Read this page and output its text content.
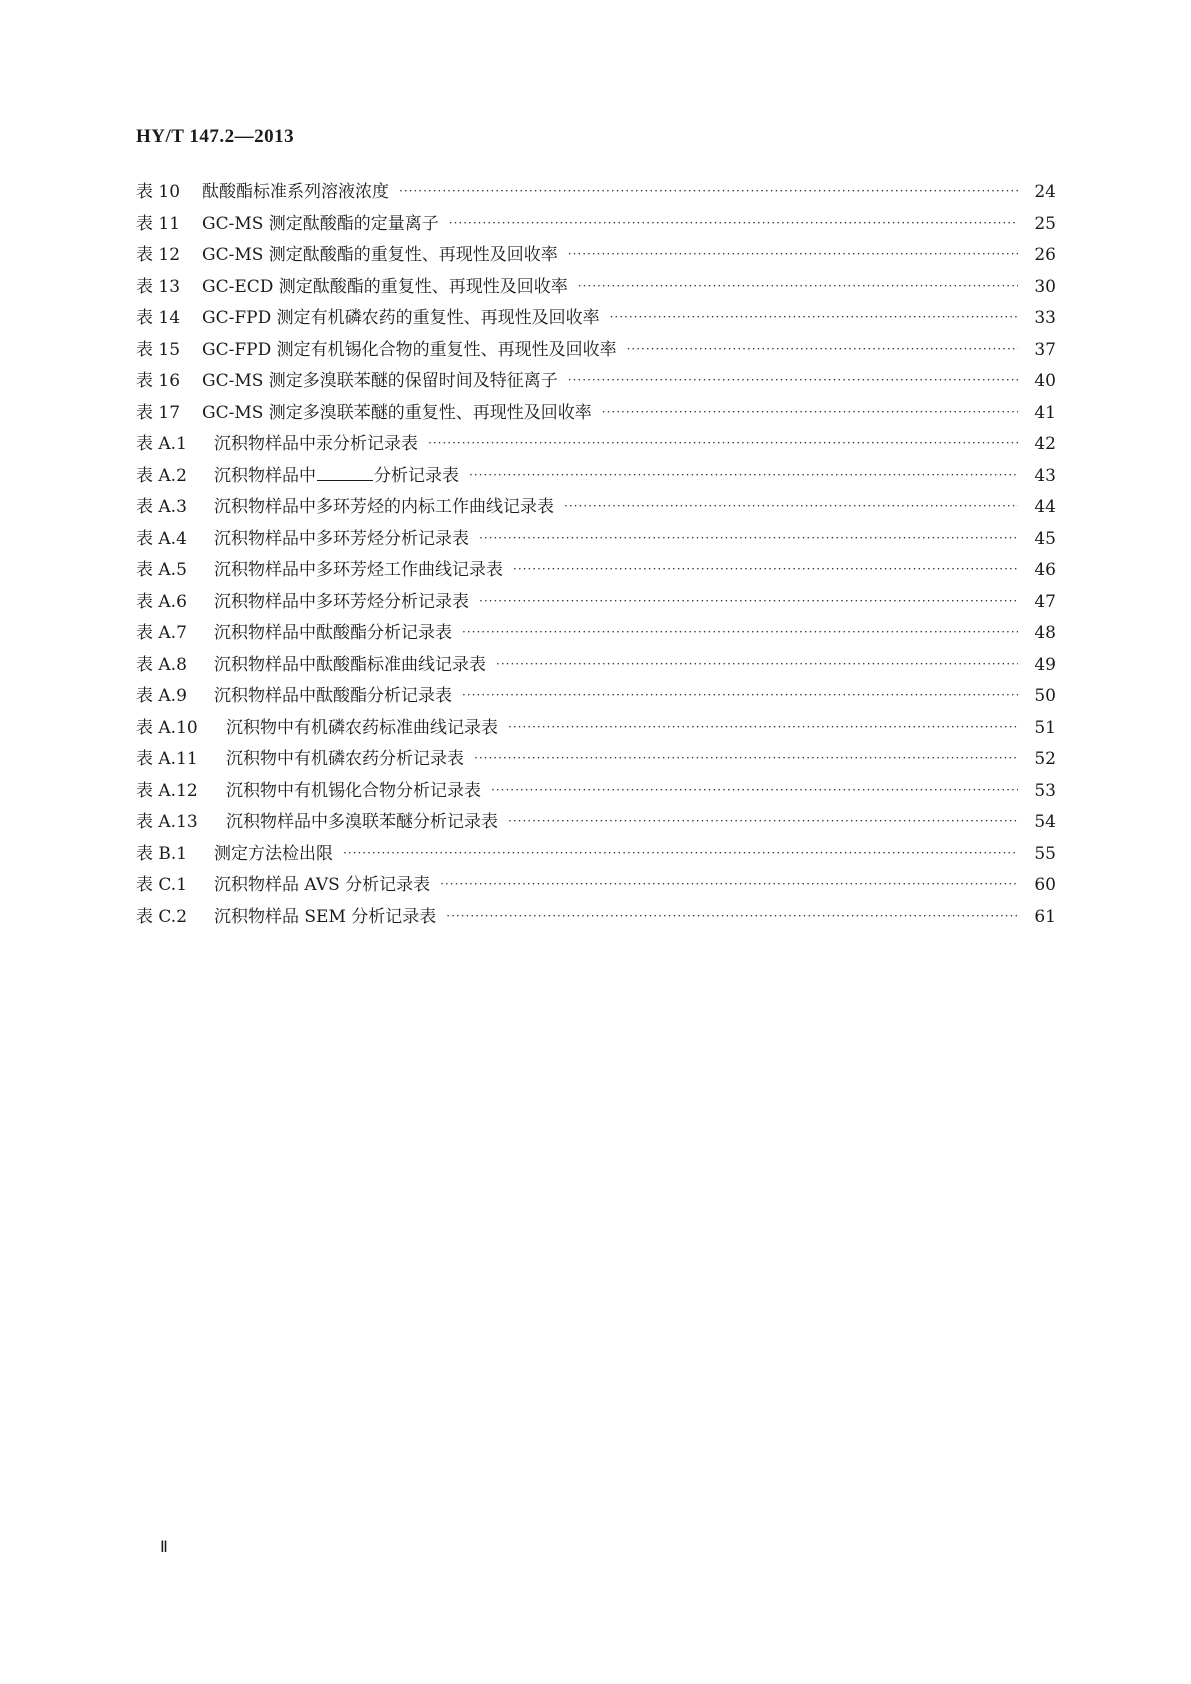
HY/T 147.2—2013
表 10	酞酸酯标准系列溶液浓度 ·····	24
表 11	GC-MS 测定酞酸酯的定量离子 ·····	25
表 12	GC-MS 测定酞酸酯的重复性、再现性及回收率 ·····	26
表 13	GC-ECD 测定酞酸酯的重复性、再现性及回收率 ·····	30
表 14	GC-FPD 测定有机磷农药的重复性、再现性及回收率 ·····	33
表 15	GC-FPD 测定有机锡化合物的重复性、再现性及回收率 ·····	37
表 16	GC-MS 测定多溴联苯醚的保留时间及特征离子 ·····	40
表 17	GC-MS 测定多溴联苯醚的重复性、再现性及回收率 ·····	41
表 A.1	沉积物样品中汞分析记录表 ·····	42
表 A.2	沉积物样品中	分析记录表 ·····	43
表 A.3	沉积物样品中多环芳烃的内标工作曲线记录表 ·····	44
表 A.4	沉积物样品中多环芳烃分析记录表 ·····	45
表 A.5	沉积物样品中多环芳烃工作曲线记录表 ·····	46
表 A.6	沉积物样品中多环芳烃分析记录表 ·····	47
表 A.7	沉积物样品中酞酸酯分析记录表 ·····	48
表 A.8	沉积物样品中酞酸酯标准曲线记录表 ·····	49
表 A.9	沉积物样品中酞酸酯分析记录表 ·····	50
表 A.10	沉积物中有机磷农药标准曲线记录表 ·····	51
表 A.11	沉积物中有机磷农药分析记录表 ·····	52
表 A.12	沉积物中有机锡化合物分析记录表 ·····	53
表 A.13	沉积物样品中多溴联苯醚分析记录表 ·····	54
表 B.1	测定方法检出限 ·····	55
表 C.1	沉积物样品 AVS 分析记录表 ·····	60
表 C.2	沉积物样品 SEM 分析记录表 ·····	61
Ⅱ
